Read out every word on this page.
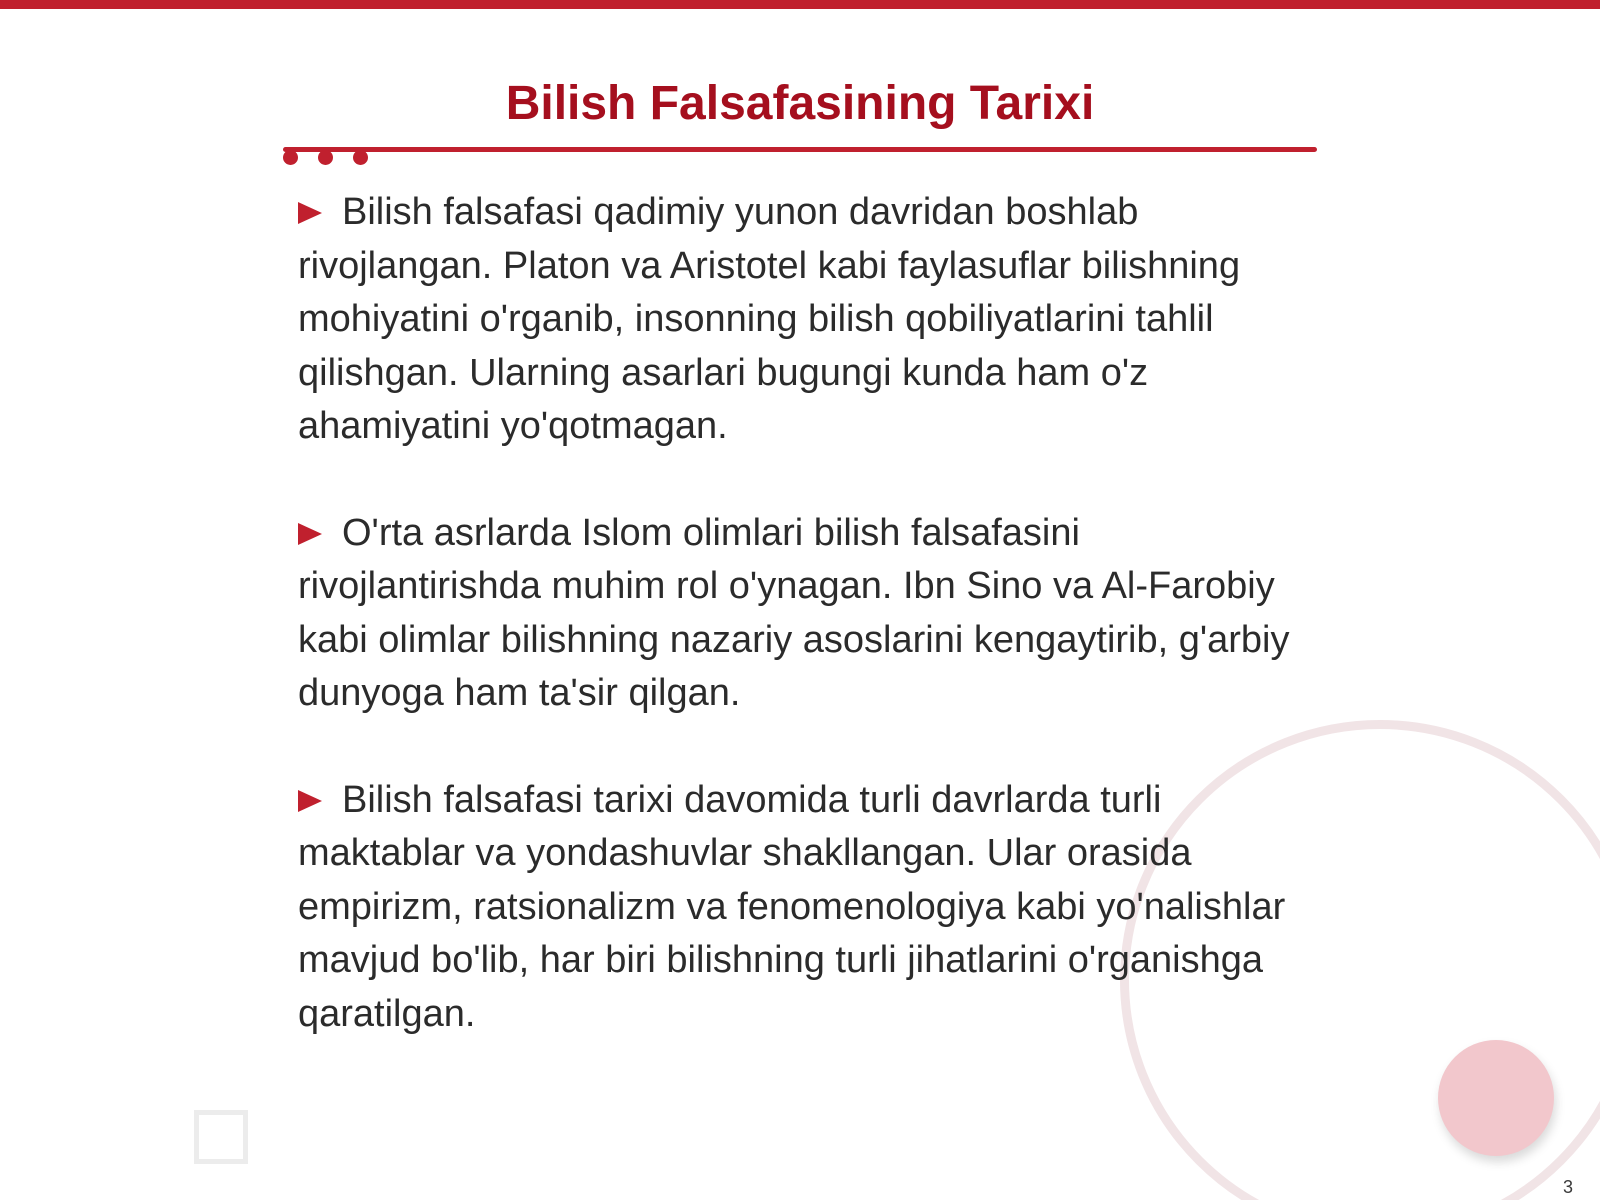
Bilish Falsafasining Tarixi

Bilish falsafasi qadimiy yunon davridan boshlab rivojlangan. Platon va Aristotel kabi faylasuflar bilishning mohiyatini o'rganib, insonning bilish qobiliyatlarini tahlil qilishgan. Ularning asarlari bugungi kunda ham o'z ahamiyatini yo'qotmagan.

O'rta asrlarda Islom olimlari bilish falsafasini rivojlantirishda muhim rol o'ynagan. Ibn Sino va Al-Farobiy kabi olimlar bilishning nazariy asoslarini kengaytirib, g'arbiy dunyoga ham ta'sir qilgan.

Bilish falsafasi tarixi davomida turli davrlarda turli maktablar va yondashuvlar shakllangan. Ular orasida empirizm, ratsionalizm va fenomenologiya kabi yo'nalishlar mavjud bo'lib, har biri bilishning turli jihatlarini o'rganishga qaratilgan.

3
